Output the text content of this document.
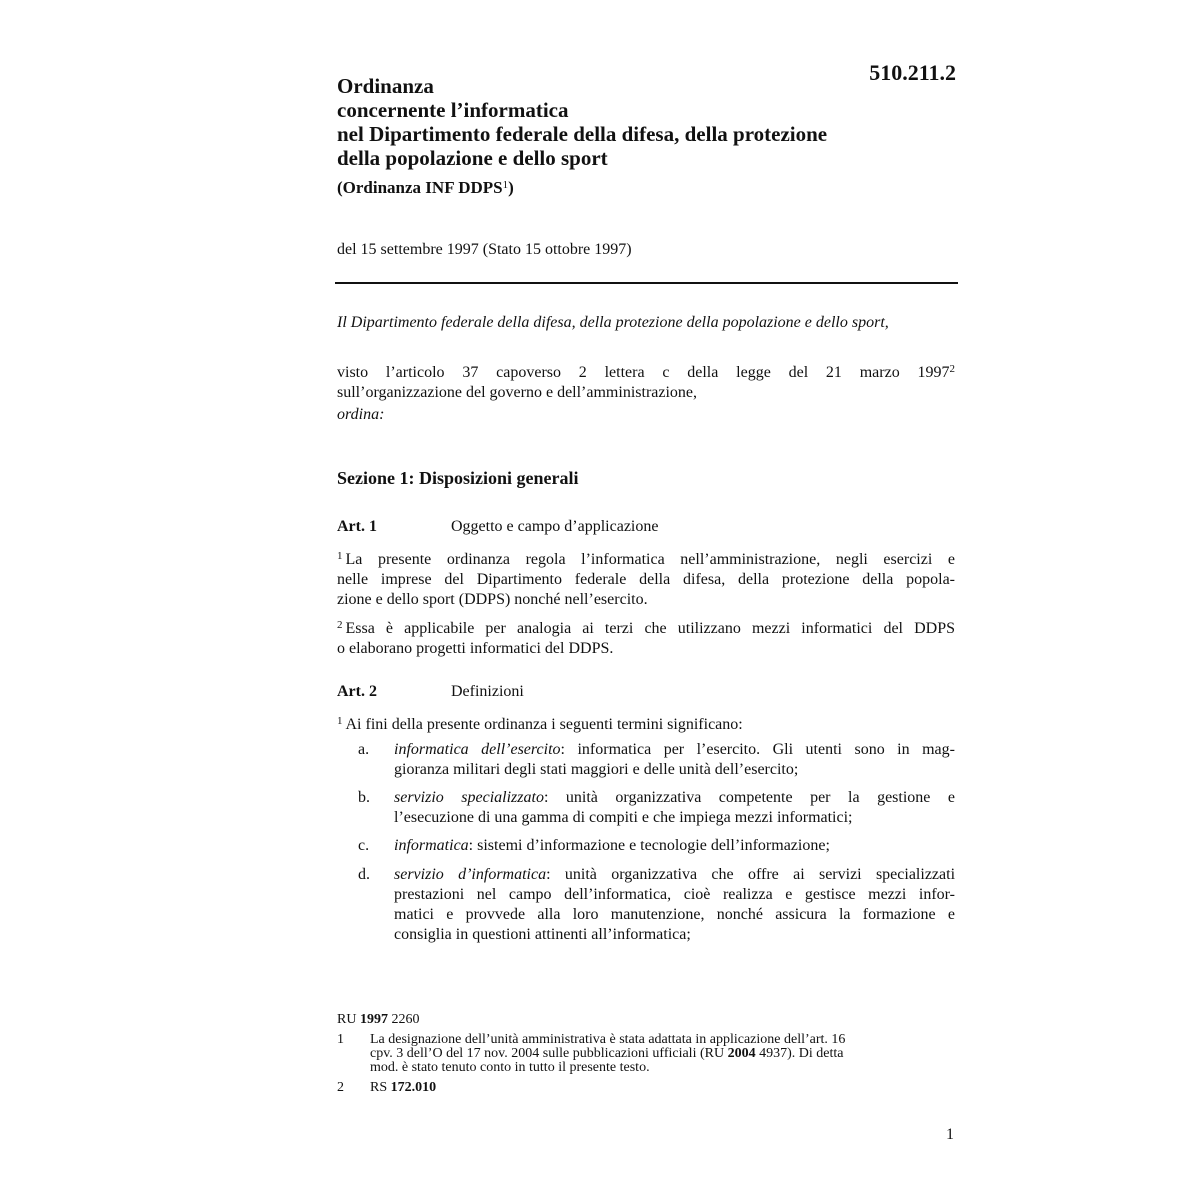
510.211.2
Ordinanza
concernente l’informatica
nel Dipartimento federale della difesa, della protezione
della popolazione e dello sport
(Ordinanza INF DDPS$^1$)
del 15 settembre 1997 (Stato 15 ottobre 1997)
Il Dipartimento federale della difesa, della protezione della popolazione e dello sport,
visto l’articolo 37 capoverso 2 lettera c della legge del 21 marzo 1997$^2$
sull’organizzazione del governo e dell’amministrazione,
ordina:
Sezione 1: Disposizioni generali
Art. 1	Oggetto e campo d’applicazione
$^1$ La presente ordinanza regola l’informatica nell’amministrazione, negli esercizi e
nelle imprese del Dipartimento federale della difesa, della protezione della popola-
zione e dello sport (DDPS) nonché nell’esercito.
$^2$ Essa è applicabile per analogia ai terzi che utilizzano mezzi informatici del DDPS
o elaborano progetti informatici del DDPS.
Art. 2	Definizioni
$^1$ Ai fini della presente ordinanza i seguenti termini significano:
a. informatica dell’esercito: informatica per l’esercito. Gli utenti sono in mag-
gioranza militari degli stati maggiori e delle unità dell’esercito;
b. servizio specializzato: unità organizzativa competente per la gestione e
l’esecuzione di una gamma di compiti e che impiega mezzi informatici;
c. informatica: sistemi d’informazione e tecnologie dell’informazione;
d. servizio d’informatica: unità organizzativa che offre ai servizi specializzati
prestazioni nel campo dell’informatica, cioè realizza e gestisce mezzi infor-
matici e provvede alla loro manutenzione, nonché assicura la formazione e
consiglia in questioni attinenti all’informatica;
RU 1997 2260
1 La designazione dell’unità amministrativa è stata adattata in applicazione dell’art. 16
cpv. 3 dell’O del 17 nov. 2004 sulle pubblicazioni ufficiali (RU 2004 4937). Di detta
mod. è stato tenuto conto in tutto il presente testo.
2 RS 172.010
1
